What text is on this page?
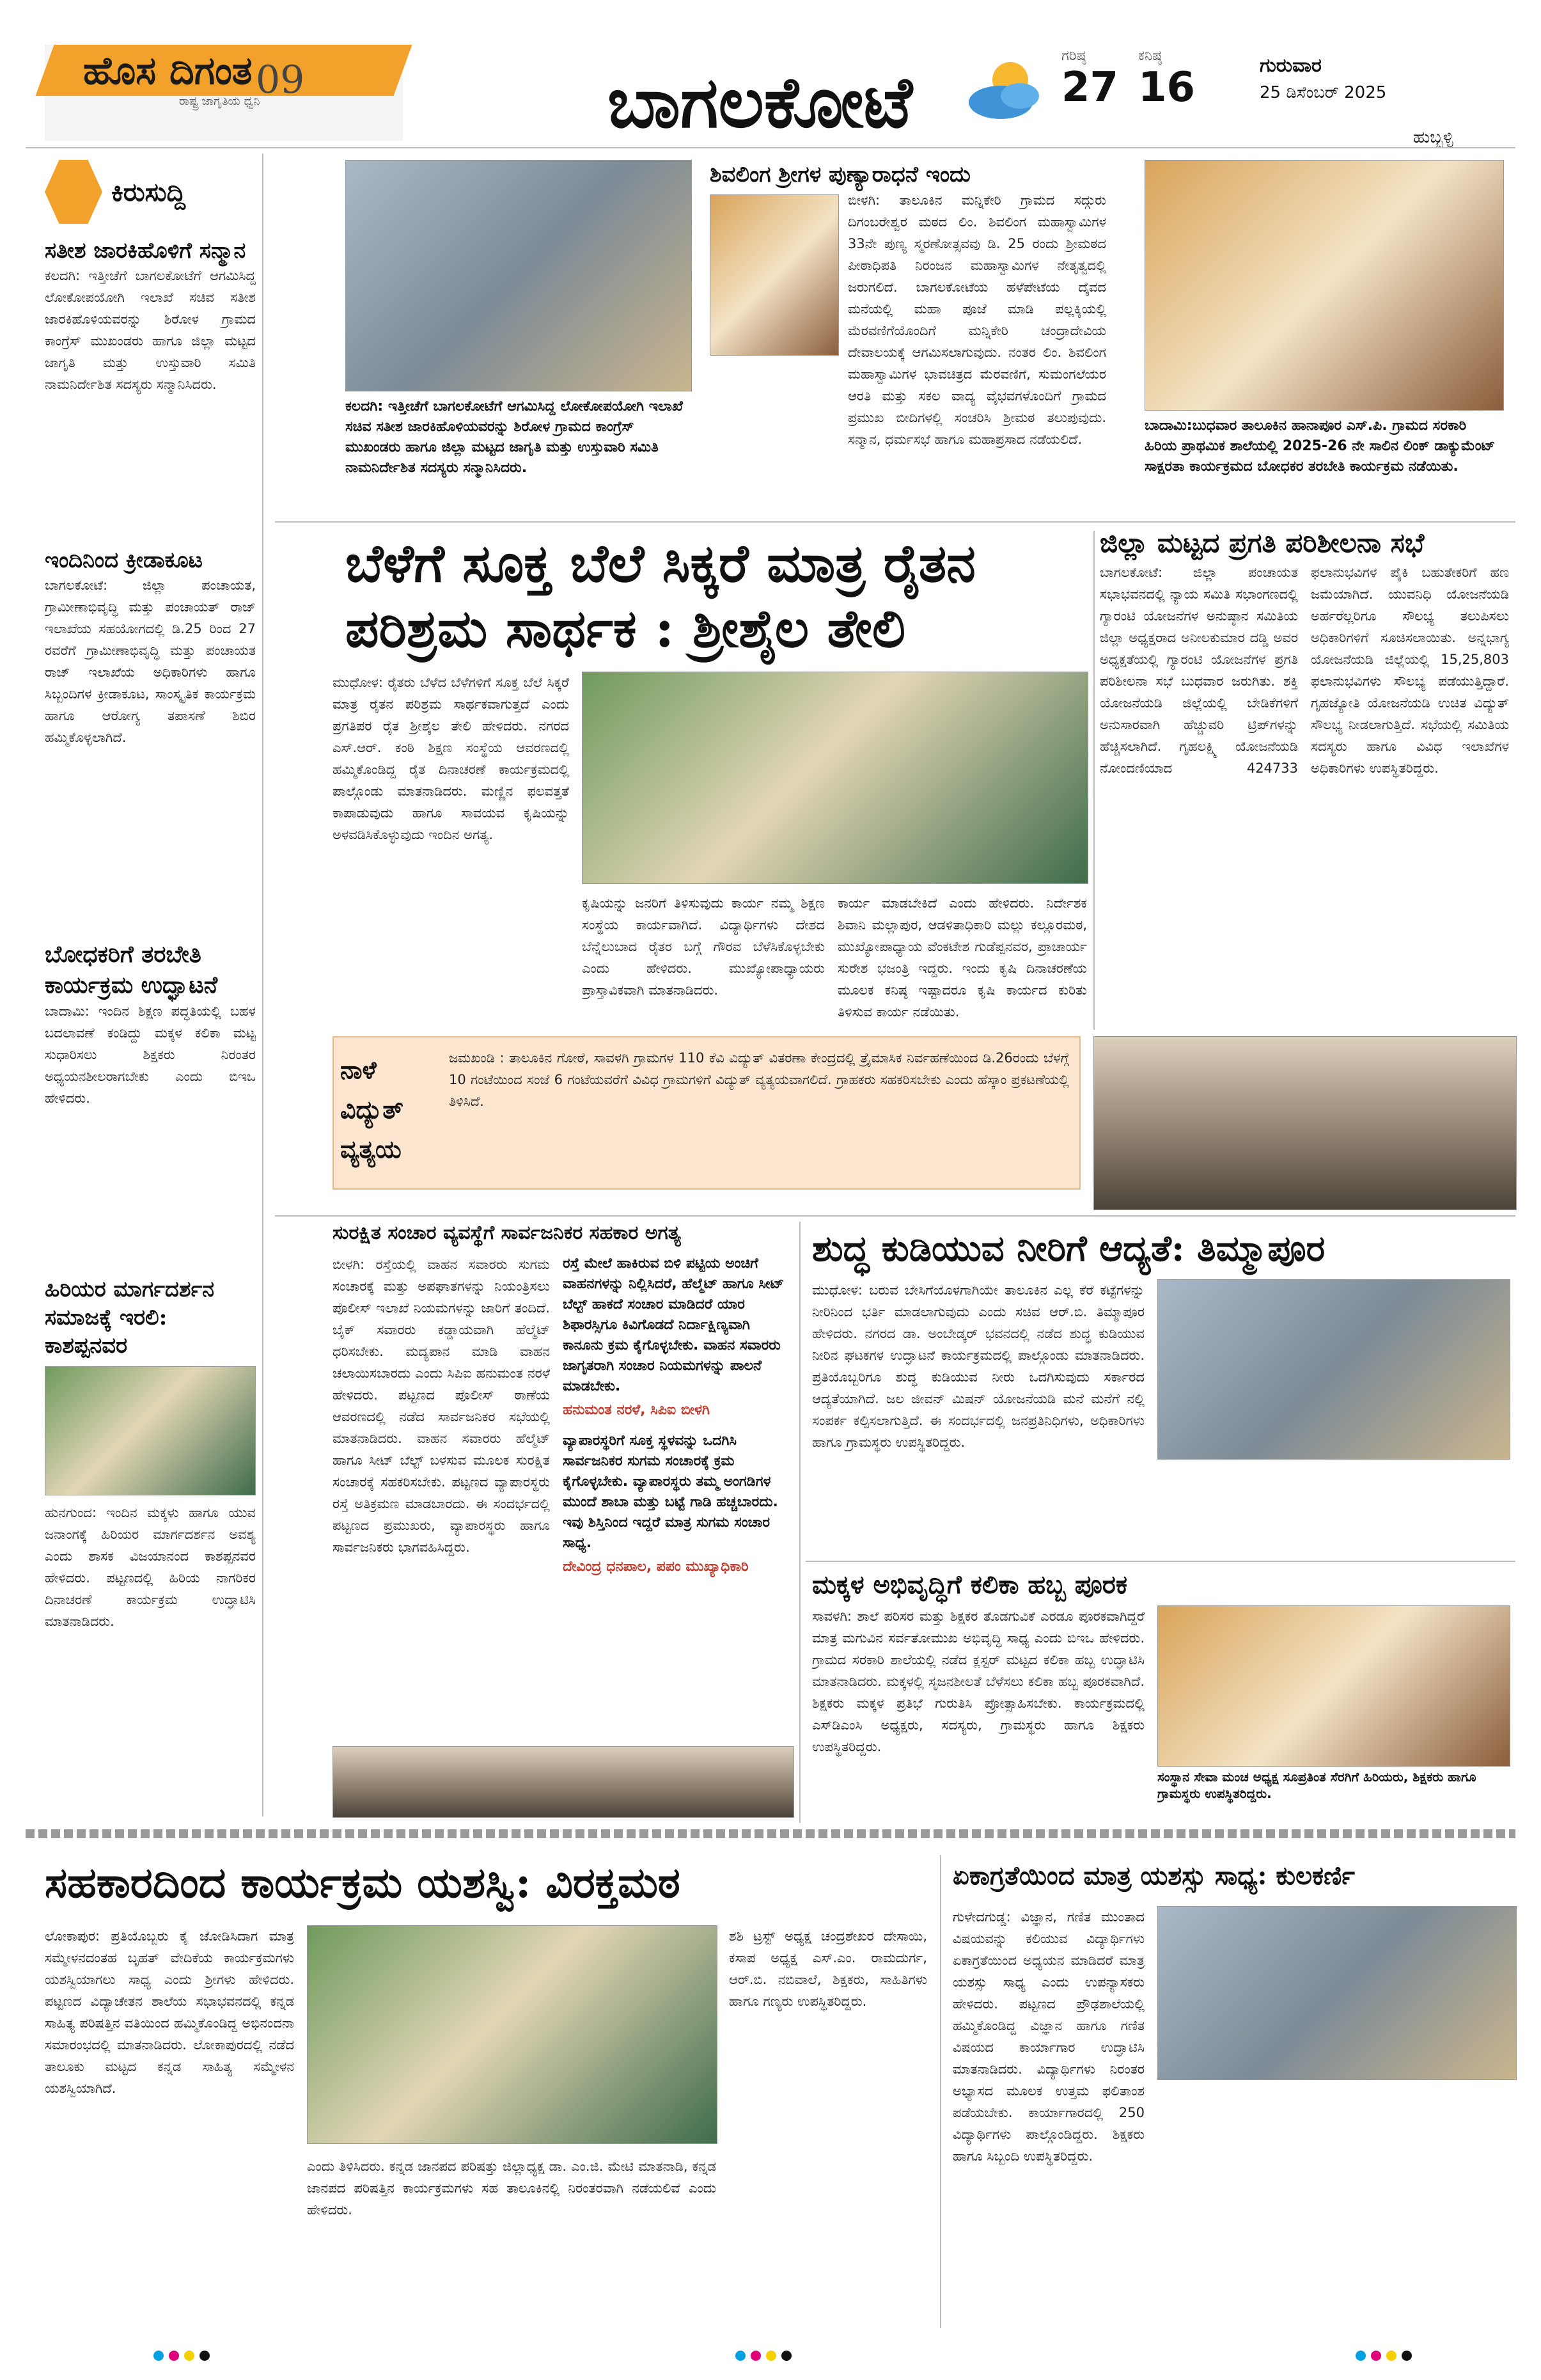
ಹೊಸ ದಿಗಂತ
ರಾಷ್ಟ್ರ ಜಾಗೃತಿಯ ಧ್ವನಿ
09	ಬಾಗಲಕೋಟೆ
ಗರಿಷ್ಠ
27
ಕನಿಷ್ಠ
16	ಗುರುವಾರ
25 ಡಿಸೆಂಬರ್ 2025
ಹುಬ್ಬಳ್ಳಿ
ಕಿರುಸುದ್ದಿ
ಸತೀಶ ಜಾರಕಿಹೊಳಿಗೆ ಸನ್ಮಾನ
ಕಲದಗಿ: ಇತ್ತೀಚೆಗೆ ಬಾಗಲಕೋಟೆಗೆ ಆಗಮಿಸಿದ್ದ ಲೋಕೋಪಯೋಗಿ ಇಲಾಖೆ ಸಚಿವ ಸತೀಶ ಜಾರಕಿಹೊಳಿಯವರನ್ನು ಶಿರೋಳ ಗ್ರಾಮದ ಕಾಂಗ್ರೆಸ್ ಮುಖಂಡರು ಹಾಗೂ ಜಿಲ್ಲಾ ಮಟ್ಟದ ಜಾಗೃತಿ ಮತ್ತು ಉಸ್ತುವಾರಿ ಸಮಿತಿ ನಾಮನಿರ್ದೇಶಿತ ಸದಸ್ಯರು ಸನ್ಮಾನಿಸಿದರು.
ಇಂದಿನಿಂದ ಕ್ರೀಡಾಕೂಟ
ಬಾಗಲಕೋಟೆ: ಜಿಲ್ಲಾ ಪಂಚಾಯತ, ಗ್ರಾಮೀಣಾಭಿವೃದ್ಧಿ ಮತ್ತು ಪಂಚಾಯತ್ ರಾಜ್ ಇಲಾಖೆಯ ಸಹಯೋಗದಲ್ಲಿ ಡಿ.25 ರಿಂದ 27 ರವರೆಗೆ ಗ್ರಾಮೀಣಾಭಿವೃದ್ಧಿ ಮತ್ತು ಪಂಚಾಯತ ರಾಜ್ ಇಲಾಖೆಯ ಅಧಿಕಾರಿಗಳು ಹಾಗೂ ಸಿಬ್ಬಂದಿಗಳ ಕ್ರೀಡಾಕೂಟ, ಸಾಂಸ್ಕೃತಿಕ ಕಾರ್ಯಕ್ರಮ ಹಾಗೂ ಆರೋಗ್ಯ ತಪಾಸಣೆ ಶಿಬಿರ ಹಮ್ಮಿಕೊಳ್ಳಲಾಗಿದೆ.
ಬೋಧಕರಿಗೆ ತರಬೇತಿ ಕಾರ್ಯಕ್ರಮ ಉದ್ಘಾಟನೆ
ಬಾದಾಮಿ: ಇಂದಿನ ಶಿಕ್ಷಣ ಪದ್ಧತಿಯಲ್ಲಿ ಬಹಳ ಬದಲಾವಣೆ ಕಂಡಿದ್ದು ಮಕ್ಕಳ ಕಲಿಕಾ ಮಟ್ಟ ಸುಧಾರಿಸಲು ಶಿಕ್ಷಕರು ನಿರಂತರ ಅಧ್ಯಯನಶೀಲರಾಗಬೇಕು ಎಂದು ಬಿಇಒ ಹೇಳಿದರು.
ಹಿರಿಯರ ಮಾರ್ಗದರ್ಶನ ಸಮಾಜಕ್ಕೆ ಇರಲಿ: ಕಾಶಪ್ಪನವರ
ಹುನಗುಂದ: ಇಂದಿನ ಮಕ್ಕಳು ಹಾಗೂ ಯುವ ಜನಾಂಗಕ್ಕೆ ಹಿರಿಯರ ಮಾರ್ಗದರ್ಶನ ಅವಶ್ಯ ಎಂದು ಶಾಸಕ ವಿಜಯಾನಂದ ಕಾಶಪ್ಪನವರ ಹೇಳಿದರು. ಪಟ್ಟಣದಲ್ಲಿ ಹಿರಿಯ ನಾಗರಿಕರ ದಿನಾಚರಣೆ ಕಾರ್ಯಕ್ರಮ ಉದ್ಘಾಟಿಸಿ ಮಾತನಾಡಿದರು.
ಕಲದಗಿ: ಇತ್ತೀಚೆಗೆ ಬಾಗಲಕೋಟೆಗೆ ಆಗಮಿಸಿದ್ದ ಲೋಕೋಪಯೋಗಿ ಇಲಾಖೆ ಸಚಿವ ಸತೀಶ ಜಾರಕಿಹೊಳಿಯವರನ್ನು ಶಿರೋಳ ಗ್ರಾಮದ ಕಾಂಗ್ರೆಸ್ ಮುಖಂಡರು ಹಾಗೂ ಜಿಲ್ಲಾ ಮಟ್ಟದ ಜಾಗೃತಿ ಮತ್ತು ಉಸ್ತುವಾರಿ ಸಮಿತಿ ನಾಮನಿರ್ದೇಶಿತ ಸದಸ್ಯರು ಸನ್ಮಾನಿಸಿದರು.
ಶಿವಲಿಂಗ ಶ್ರೀಗಳ ಪುಣ್ಯಾರಾಧನೆ ಇಂದು
ಬೀಳಗಿ: ತಾಲೂಕಿನ ಮನ್ನಿಕೇರಿ ಗ್ರಾಮದ ಸದ್ಗುರು ದಿಗಂಬರೇಶ್ವರ ಮಠದ ಲಿಂ. ಶಿವಲಿಂಗ ಮಹಾಸ್ವಾಮಿಗಳ 33ನೇ ಪುಣ್ಯ ಸ್ಮರಣೋತ್ಸವವು ಡಿ. 25 ರಂದು ಶ್ರೀಮಠದ ಪೀಠಾಧಿಪತಿ ನಿರಂಜನ ಮಹಾಸ್ವಾಮಿಗಳ ನೇತೃತ್ವದಲ್ಲಿ ಜರುಗಲಿದೆ. ಬಾಗಲಕೋಟೆಯ ಹಳೆಪೇಟೆಯ ದೈವದ ಮನೆಯಲ್ಲಿ ಮಹಾ ಪೂಜೆ ಮಾಡಿ ಪಲ್ಲಕ್ಕಿಯಲ್ಲಿ ಮೆರವಣಿಗೆಯೊಂದಿಗೆ ಮನ್ನಿಕೇರಿ ಚಂದ್ರಾದೇವಿಯ ದೇವಾಲಯಕ್ಕೆ ಆಗಮಿಸಲಾಗುವುದು. ನಂತರ ಲಿಂ. ಶಿವಲಿಂಗ ಮಹಾಸ್ವಾಮಿಗಳ ಭಾವಚಿತ್ರದ ಮೆರವಣಿಗೆ, ಸುಮಂಗಲೆಯರ ಆರತಿ ಮತ್ತು ಸಕಲ ವಾದ್ಯ ವೈಭವಗಳೊಂದಿಗೆ ಗ್ರಾಮದ ಪ್ರಮುಖ ಬೀದಿಗಳಲ್ಲಿ ಸಂಚರಿಸಿ ಶ್ರೀಮಠ ತಲುಪುವುದು. ಸನ್ಮಾನ, ಧರ್ಮಸಭೆ ಹಾಗೂ ಮಹಾಪ್ರಸಾದ ನಡೆಯಲಿದೆ.
ಬಾದಾಮಿ:ಬುಧವಾರ ತಾಲೂಕಿನ ಹಾನಾಪೂರ ಎಸ್.ಪಿ. ಗ್ರಾಮದ ಸರಕಾರಿ ಹಿರಿಯ ಪ್ರಾಥಮಿಕ ಶಾಲೆಯಲ್ಲಿ 2025-26 ನೇ ಸಾಲಿನ ಲಿಂಕ್ ಡಾಕ್ಯುಮೆಂಟ್ ಸಾಕ್ಷರತಾ ಕಾರ್ಯಕ್ರಮದ ಬೋಧಕರ ತರಬೇತಿ ಕಾರ್ಯಕ್ರಮ ನಡೆಯಿತು.
ಬೆಳೆಗೆ ಸೂಕ್ತ ಬೆಲೆ ಸಿಕ್ಕರೆ ಮಾತ್ರ ರೈತನ
ಪರಿಶ್ರಮ ಸಾರ್ಥಕ : ಶ್ರೀಶೈಲ ತೇಲಿ
ಮುಧೋಳ: ರೈತರು ಬೆಳೆದ ಬೆಳೆಗಳಿಗೆ ಸೂಕ್ತ ಬೆಲೆ ಸಿಕ್ಕರೆ ಮಾತ್ರ ರೈತನ ಪರಿಶ್ರಮ ಸಾರ್ಥಕವಾಗುತ್ತದೆ ಎಂದು ಪ್ರಗತಿಪರ ರೈತ ಶ್ರೀಶೈಲ ತೇಲಿ ಹೇಳಿದರು. ನಗರದ ಎಸ್.ಆರ್. ಕಂಠಿ ಶಿಕ್ಷಣ ಸಂಸ್ಥೆಯ ಆವರಣದಲ್ಲಿ ಹಮ್ಮಿಕೊಂಡಿದ್ದ ರೈತ ದಿನಾಚರಣೆ ಕಾರ್ಯಕ್ರಮದಲ್ಲಿ ಪಾಲ್ಗೊಂಡು ಮಾತನಾಡಿದರು. ಮಣ್ಣಿನ ಫಲವತ್ತತೆ ಕಾಪಾಡುವುದು ಹಾಗೂ ಸಾವಯವ ಕೃಷಿಯನ್ನು ಅಳವಡಿಸಿಕೊಳ್ಳುವುದು ಇಂದಿನ ಅಗತ್ಯ.
ಕೃಷಿಯನ್ನು ಜನರಿಗೆ ತಿಳಿಸುವುದು ಕಾರ್ಯ ನಮ್ಮ ಶಿಕ್ಷಣ ಸಂಸ್ಥೆಯ ಕಾರ್ಯವಾಗಿದೆ. ವಿದ್ಯಾರ್ಥಿಗಳು ದೇಶದ ಬೆನ್ನೆಲುಬಾದ ರೈತರ ಬಗ್ಗೆ ಗೌರವ ಬೆಳೆಸಿಕೊಳ್ಳಬೇಕು ಎಂದು ಹೇಳಿದರು. ಮುಖ್ಯೋಪಾಧ್ಯಾಯರು ಪ್ರಾಸ್ತಾವಿಕವಾಗಿ ಮಾತನಾಡಿದರು.
ಕಾರ್ಯ ಮಾಡಬೇಕಿದೆ ಎಂದು ಹೇಳಿದರು. ನಿರ್ದೇಶಕ ಶಿವಾನಿ ಮಲ್ಲಾಪುರ, ಆಡಳಿತಾಧಿಕಾರಿ ಮಲ್ಲು ಕಲ್ಲೂರಮಠ, ಮುಖ್ಯೋಪಾಧ್ಯಾಯ ವೆಂಕಟೇಶ ಗುಡೆಪ್ಪನವರ, ಪ್ರಾಚಾರ್ಯ ಸುರೇಶ ಭಜಂತ್ರಿ ಇದ್ದರು. ಇಂದು ಕೃಷಿ ದಿನಾಚರಣೆಯ ಮೂಲಕ ಕನಿಷ್ಠ ಇಷ್ಟಾದರೂ ಕೃಷಿ ಕಾರ್ಯದ ಕುರಿತು ತಿಳಿಸುವ ಕಾರ್ಯ ನಡೆಯಿತು.
ಜಿಲ್ಲಾ ಮಟ್ಟದ ಪ್ರಗತಿ ಪರಿಶೀಲನಾ ಸಭೆ
ಬಾಗಲಕೋಟೆ: ಜಿಲ್ಲಾ ಪಂಚಾಯತ ಸಭಾಭವನದಲ್ಲಿ ನ್ಯಾಯ ಸಮಿತಿ ಸಭಾಂಗಣದಲ್ಲಿ ಗ್ಯಾರಂಟಿ ಯೋಜನೆಗಳ ಅನುಷ್ಠಾನ ಸಮಿತಿಯ ಜಿಲ್ಲಾ ಅಧ್ಯಕ್ಷರಾದ ಅನೀಲಕುಮಾರ ದಡ್ಡಿ ಅವರ ಅಧ್ಯಕ್ಷತೆಯಲ್ಲಿ ಗ್ಯಾರಂಟಿ ಯೋಜನೆಗಳ ಪ್ರಗತಿ ಪರಿಶೀಲನಾ ಸಭೆ ಬುಧವಾರ ಜರುಗಿತು. ಶಕ್ತಿ ಯೋಜನೆಯಡಿ ಜಿಲ್ಲೆಯಲ್ಲಿ ಬೇಡಿಕೆಗಳಿಗೆ ಅನುಸಾರವಾಗಿ ಹೆಚ್ಚುವರಿ ಟ್ರಿಪ್‌ಗಳನ್ನು ಹೆಚ್ಚಿಸಲಾಗಿದೆ. ಗೃಹಲಕ್ಷ್ಮಿ ಯೋಜನೆಯಡಿ ನೋಂದಣಿಯಾದ 424733 ಫಲಾನುಭವಿಗಳ ಪೈಕಿ ಬಹುತೇಕರಿಗೆ ಹಣ ಜಮೆಯಾಗಿದೆ. ಯುವನಿಧಿ ಯೋಜನೆಯಡಿ ಅರ್ಹರೆಲ್ಲರಿಗೂ ಸೌಲಭ್ಯ ತಲುಪಿಸಲು ಅಧಿಕಾರಿಗಳಿಗೆ ಸೂಚಿಸಲಾಯಿತು. ಅನ್ನಭಾಗ್ಯ ಯೋಜನೆಯಡಿ ಜಿಲ್ಲೆಯಲ್ಲಿ 15,25,803 ಫಲಾನುಭವಿಗಳು ಸೌಲಭ್ಯ ಪಡೆಯುತ್ತಿದ್ದಾರೆ. ಗೃಹಜ್ಯೋತಿ ಯೋಜನೆಯಡಿ ಉಚಿತ ವಿದ್ಯುತ್ ಸೌಲಭ್ಯ ನೀಡಲಾಗುತ್ತಿದೆ. ಸಭೆಯಲ್ಲಿ ಸಮಿತಿಯ ಸದಸ್ಯರು ಹಾಗೂ ವಿವಿಧ ಇಲಾಖೆಗಳ ಅಧಿಕಾರಿಗಳು ಉಪಸ್ಥಿತರಿದ್ದರು.
ನಾಳೆ ವಿದ್ಯುತ್ ವ್ಯತ್ಯಯ
ಜಮಖಂಡಿ : ತಾಲೂಕಿನ ಗೋಠೆ, ಸಾವಳಗಿ ಗ್ರಾಮಗಳ 110 ಕೆವಿ ವಿದ್ಯುತ್ ವಿತರಣಾ ಕೇಂದ್ರದಲ್ಲಿ ತ್ರೈಮಾಸಿಕ ನಿರ್ವಹಣೆಯಿಂದ ಡಿ.26ರಂದು ಬೆಳಗ್ಗೆ 10 ಗಂಟೆಯಿಂದ ಸಂಜೆ 6 ಗಂಟೆಯವರೆಗೆ ವಿವಿಧ ಗ್ರಾಮಗಳಿಗೆ ವಿದ್ಯುತ್ ವ್ಯತ್ಯಯವಾಗಲಿದೆ. ಗ್ರಾಹಕರು ಸಹಕರಿಸಬೇಕು ಎಂದು ಹೆಸ್ಕಾಂ ಪ್ರಕಟಣೆಯಲ್ಲಿ ತಿಳಿಸಿದೆ.
ಸುರಕ್ಷಿತ ಸಂಚಾರ ವ್ಯವಸ್ಥೆಗೆ ಸಾರ್ವಜನಿಕರ ಸಹಕಾರ ಅಗತ್ಯ
ಬೀಳಗಿ: ರಸ್ತೆಯಲ್ಲಿ ವಾಹನ ಸವಾರರು ಸುಗಮ ಸಂಚಾರಕ್ಕೆ ಮತ್ತು ಅಪಘಾತಗಳನ್ನು ನಿಯಂತ್ರಿಸಲು ಪೊಲೀಸ್ ಇಲಾಖೆ ನಿಯಮಗಳನ್ನು ಜಾರಿಗೆ ತಂದಿದೆ. ಬೈಕ್ ಸವಾರರು ಕಡ್ಡಾಯವಾಗಿ ಹೆಲ್ಮೆಟ್ ಧರಿಸಬೇಕು. ಮದ್ಯಪಾನ ಮಾಡಿ ವಾಹನ ಚಲಾಯಿಸಬಾರದು ಎಂದು ಸಿಪಿಐ ಹನುಮಂತ ನರಳೆ ಹೇಳಿದರು. ಪಟ್ಟಣದ ಪೊಲೀಸ್ ಠಾಣೆಯ ಆವರಣದಲ್ಲಿ ನಡೆದ ಸಾರ್ವಜನಿಕರ ಸಭೆಯಲ್ಲಿ ಮಾತನಾಡಿದರು. ವಾಹನ ಸವಾರರು ಹೆಲ್ಮೆಟ್ ಹಾಗೂ ಸೀಟ್ ಬೆಲ್ಟ್ ಬಳಸುವ ಮೂಲಕ ಸುರಕ್ಷಿತ ಸಂಚಾರಕ್ಕೆ ಸಹಕರಿಸಬೇಕು. ಪಟ್ಟಣದ ವ್ಯಾಪಾರಸ್ಥರು ರಸ್ತೆ ಅತಿಕ್ರಮಣ ಮಾಡಬಾರದು. ಈ ಸಂದರ್ಭದಲ್ಲಿ ಪಟ್ಟಣದ ಪ್ರಮುಖರು, ವ್ಯಾಪಾರಸ್ಥರು ಹಾಗೂ ಸಾರ್ವಜನಿಕರು ಭಾಗವಹಿಸಿದ್ದರು.
ರಸ್ತೆ ಮೇಲೆ ಹಾಕಿರುವ ಬಿಳಿ ಪಟ್ಟಿಯ ಅಂಚಿಗೆ ವಾಹನಗಳನ್ನು ನಿಲ್ಲಿಸಿದರೆ, ಹೆಲ್ಮೆಟ್ ಹಾಗೂ ಸೀಟ್ ಬೆಲ್ಟ್ ಹಾಕದೆ ಸಂಚಾರ ಮಾಡಿದರೆ ಯಾರ ಶಿಫಾರಸ್ಸಿಗೂ ಕಿವಿಗೊಡದೆ ನಿರ್ದಾಕ್ಷಿಣ್ಯವಾಗಿ ಕಾನೂನು ಕ್ರಮ ಕೈಗೊಳ್ಳಬೇಕು. ವಾಹನ ಸವಾರರು ಜಾಗೃತರಾಗಿ ಸಂಚಾರ ನಿಯಮಗಳನ್ನು ಪಾಲನೆ ಮಾಡಬೇಕು.
ಹನುಮಂತ ನರಳೆ, ಸಿಪಿಐ ಬೀಳಗಿ
ವ್ಯಾಪಾರಸ್ಥರಿಗೆ ಸೂಕ್ತ ಸ್ಥಳವನ್ನು ಒದಗಿಸಿ ಸಾರ್ವಜನಿಕರ ಸುಗಮ ಸಂಚಾರಕ್ಕೆ ಕ್ರಮ ಕೈಗೊಳ್ಳಬೇಕು. ವ್ಯಾಪಾರಸ್ಥರು ತಮ್ಮ ಅಂಗಡಿಗಳ ಮುಂದೆ ಶಾಬಾ ಮತ್ತು ಬಟ್ಟೆ ಗಾಡಿ ಹಚ್ಚಬಾರದು. ಇವು ಶಿಸ್ತಿನಿಂದ ಇದ್ದರೆ ಮಾತ್ರ ಸುಗಮ ಸಂಚಾರ ಸಾಧ್ಯ.
ದೇವಿಂದ್ರ ಧನಪಾಲ, ಪಪಂ ಮುಖ್ಯಾಧಿಕಾರಿ
ಶುದ್ಧ ಕುಡಿಯುವ ನೀರಿಗೆ ಆದ್ಯತೆ: ತಿಮ್ಮಾಪೂರ
ಮುಧೋಳ: ಬರುವ ಬೇಸಿಗೆಯೊಳಗಾಗಿಯೇ ತಾಲೂಕಿನ ಎಲ್ಲ ಕೆರೆ ಕಟ್ಟೆಗಳನ್ನು ನೀರಿನಿಂದ ಭರ್ತಿ ಮಾಡಲಾಗುವುದು ಎಂದು ಸಚಿವ ಆರ್.ಬಿ. ತಿಮ್ಮಾಪೂರ ಹೇಳಿದರು. ನಗರದ ಡಾ. ಅಂಬೇಡ್ಕರ್ ಭವನದಲ್ಲಿ ನಡೆದ ಶುದ್ಧ ಕುಡಿಯುವ ನೀರಿನ ಘಟಕಗಳ ಉದ್ಘಾಟನೆ ಕಾರ್ಯಕ್ರಮದಲ್ಲಿ ಪಾಲ್ಗೊಂಡು ಮಾತನಾಡಿದರು. ಪ್ರತಿಯೊಬ್ಬರಿಗೂ ಶುದ್ಧ ಕುಡಿಯುವ ನೀರು ಒದಗಿಸುವುದು ಸರ್ಕಾರದ ಆದ್ಯತೆಯಾಗಿದೆ. ಜಲ ಜೀವನ್ ಮಿಷನ್ ಯೋಜನೆಯಡಿ ಮನೆ ಮನೆಗೆ ನಲ್ಲಿ ಸಂಪರ್ಕ ಕಲ್ಪಿಸಲಾಗುತ್ತಿದೆ. ಈ ಸಂದರ್ಭದಲ್ಲಿ ಜನಪ್ರತಿನಿಧಿಗಳು, ಅಧಿಕಾರಿಗಳು ಹಾಗೂ ಗ್ರಾಮಸ್ಥರು ಉಪಸ್ಥಿತರಿದ್ದರು.
ಮಕ್ಕಳ ಅಭಿವೃದ್ಧಿಗೆ ಕಲಿಕಾ ಹಬ್ಬ ಪೂರಕ
ಸಾವಳಗಿ: ಶಾಲೆ ಪರಿಸರ ಮತ್ತು ಶಿಕ್ಷಕರ ತೊಡಗುವಿಕೆ ಎರಡೂ ಪೂರಕವಾಗಿದ್ದರೆ ಮಾತ್ರ ಮಗುವಿನ ಸರ್ವತೋಮುಖ ಅಭಿವೃದ್ಧಿ ಸಾಧ್ಯ ಎಂದು ಬಿಇಒ ಹೇಳಿದರು. ಗ್ರಾಮದ ಸರಕಾರಿ ಶಾಲೆಯಲ್ಲಿ ನಡೆದ ಕ್ಲಸ್ಟರ್ ಮಟ್ಟದ ಕಲಿಕಾ ಹಬ್ಬ ಉದ್ಘಾಟಿಸಿ ಮಾತನಾಡಿದರು. ಮಕ್ಕಳಲ್ಲಿ ಸೃಜನಶೀಲತೆ ಬೆಳೆಸಲು ಕಲಿಕಾ ಹಬ್ಬ ಪೂರಕವಾಗಿದೆ. ಶಿಕ್ಷಕರು ಮಕ್ಕಳ ಪ್ರತಿಭೆ ಗುರುತಿಸಿ ಪ್ರೋತ್ಸಾಹಿಸಬೇಕು. ಕಾರ್ಯಕ್ರಮದಲ್ಲಿ ಎಸ್‌ಡಿಎಂಸಿ ಅಧ್ಯಕ್ಷರು, ಸದಸ್ಯರು, ಗ್ರಾಮಸ್ಥರು ಹಾಗೂ ಶಿಕ್ಷಕರು ಉಪಸ್ಥಿತರಿದ್ದರು.
ಸಂಸ್ಥಾನ ಸೇವಾ ಮಂಚ ಅಧ್ಯಕ್ಷ ಸೂಪ್ರತಿಂತ ಸೆರಗಿಗೆ ಹಿರಿಯರು, ಶಿಕ್ಷಕರು ಹಾಗೂ ಗ್ರಾಮಸ್ಥರು ಉಪಸ್ಥಿತರಿದ್ದರು.
ಸಹಕಾರದಿಂದ ಕಾರ್ಯಕ್ರಮ ಯಶಸ್ವಿ: ವಿರಕ್ತಮಠ
ಲೋಕಾಪುರ: ಪ್ರತಿಯೊಬ್ಬರು ಕೈ ಜೋಡಿಸಿದಾಗ ಮಾತ್ರ ಸಮ್ಮೇಳನದಂತಹ ಬೃಹತ್ ವೇದಿಕೆಯ ಕಾರ್ಯಕ್ರಮಗಳು ಯಶಸ್ವಿಯಾಗಲು ಸಾಧ್ಯ ಎಂದು ಶ್ರೀಗಳು ಹೇಳಿದರು. ಪಟ್ಟಣದ ವಿದ್ಯಾಚೇತನ ಶಾಲೆಯ ಸಭಾಭವನದಲ್ಲಿ ಕನ್ನಡ ಸಾಹಿತ್ಯ ಪರಿಷತ್ತಿನ ವತಿಯಿಂದ ಹಮ್ಮಿಕೊಂಡಿದ್ದ ಅಭಿನಂದನಾ ಸಮಾರಂಭದಲ್ಲಿ ಮಾತನಾಡಿದರು. ಲೋಕಾಪುರದಲ್ಲಿ ನಡೆದ ತಾಲೂಕು ಮಟ್ಟದ ಕನ್ನಡ ಸಾಹಿತ್ಯ ಸಮ್ಮೇಳನ ಯಶಸ್ವಿಯಾಗಿದೆ.
ಎಂದು ತಿಳಿಸಿದರು. ಕನ್ನಡ ಜಾನಪದ ಪರಿಷತ್ತು ಜಿಲ್ಲಾಧ್ಯಕ್ಷ ಡಾ. ಎಂ.ಜಿ. ಮೇಟಿ ಮಾತನಾಡಿ, ಕನ್ನಡ ಜಾನಪದ ಪರಿಷತ್ತಿನ ಕಾರ್ಯಕ್ರಮಗಳು ಸಹ ತಾಲೂಕಿನಲ್ಲಿ ನಿರಂತರವಾಗಿ ನಡೆಯಲಿವೆ ಎಂದು ಹೇಳಿದರು.
ಶಶಿ ಟ್ರಸ್ಟ್ ಅಧ್ಯಕ್ಷ ಚಂದ್ರಶೇಖರ ದೇಸಾಯಿ, ಕಸಾಪ ಅಧ್ಯಕ್ಷ ಎಸ್.ಎಂ. ರಾಮದುರ್ಗ, ಆರ್.ಬಿ. ನಬಿವಾಲೆ, ಶಿಕ್ಷಕರು, ಸಾಹಿತಿಗಳು ಹಾಗೂ ಗಣ್ಯರು ಉಪಸ್ಥಿತರಿದ್ದರು.
ಏಕಾಗ್ರತೆಯಿಂದ ಮಾತ್ರ ಯಶಸ್ಸು ಸಾಧ್ಯ: ಕುಲಕರ್ಣಿ
ಗುಳೇದಗುಡ್ಡ: ವಿಜ್ಞಾನ, ಗಣಿತ ಮುಂತಾದ ವಿಷಯವನ್ನು ಕಲಿಯುವ ವಿದ್ಯಾರ್ಥಿಗಳು ಏಕಾಗ್ರತೆಯಿಂದ ಅಧ್ಯಯನ ಮಾಡಿದರೆ ಮಾತ್ರ ಯಶಸ್ಸು ಸಾಧ್ಯ ಎಂದು ಉಪನ್ಯಾಸಕರು ಹೇಳಿದರು. ಪಟ್ಟಣದ ಪ್ರೌಢಶಾಲೆಯಲ್ಲಿ ಹಮ್ಮಿಕೊಂಡಿದ್ದ ವಿಜ್ಞಾನ ಹಾಗೂ ಗಣಿತ ವಿಷಯದ ಕಾರ್ಯಾಗಾರ ಉದ್ಘಾಟಿಸಿ ಮಾತನಾಡಿದರು. ವಿದ್ಯಾರ್ಥಿಗಳು ನಿರಂತರ ಅಭ್ಯಾಸದ ಮೂಲಕ ಉತ್ತಮ ಫಲಿತಾಂಶ ಪಡೆಯಬೇಕು. ಕಾರ್ಯಾಗಾರದಲ್ಲಿ 250 ವಿದ್ಯಾರ್ಥಿಗಳು ಪಾಲ್ಗೊಂಡಿದ್ದರು. ಶಿಕ್ಷಕರು ಹಾಗೂ ಸಿಬ್ಬಂದಿ ಉಪಸ್ಥಿತರಿದ್ದರು.
